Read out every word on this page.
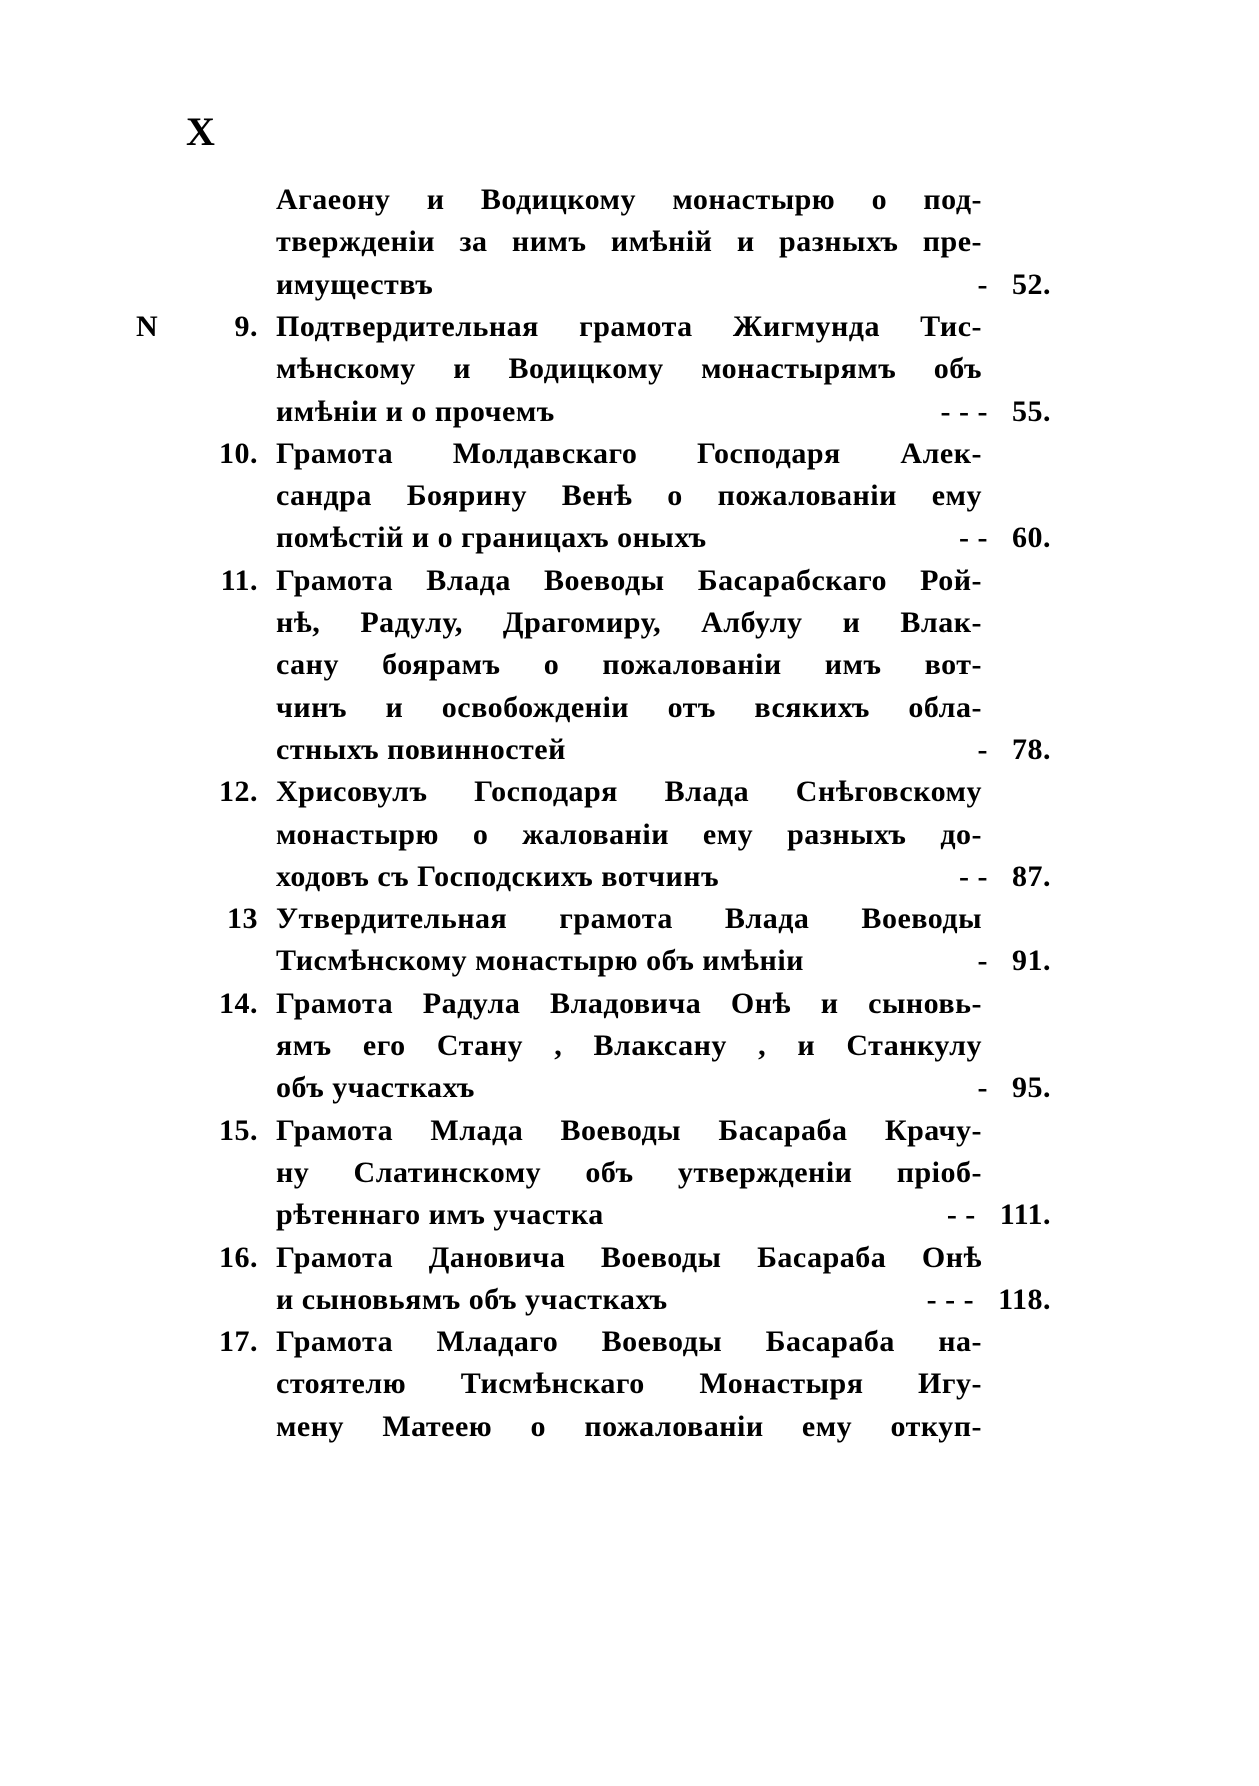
X
Агаеону и Водицкому монастырю о под-
твержденіи за нимъ имѣній и разныхъ пре-
имуществъ	- 52.
N	9. Подтвердительная грамота Жигмунда Тис-
мѣнскому и Водицкому монастырямъ объ
имѣніи и о прочемъ	- - - 55.
10. Грамота Молдавскаго Господаря Алек-
сандра Боярину Венѣ о пожалованіи ему
помѣстій и о границахъ оныхъ	- - 60.
11. Грамота Влада Воеводы Басарабскаго Рой-
нѣ, Радулу, Драгомиру, Албулу и Влак-
сану боярамъ о пожалованіи имъ вот-
чинъ и освобожденіи отъ всякихъ обла-
стныхъ повинностей	- 78.
12. Хрисовулъ Господаря Влада Снѣговскому
монастырю о жалованіи ему разныхъ до-
ходовъ съ Господскихъ вотчинъ	- - 87.
13 Утвердительная грамота Влада Воеводы
Тисмѣнскому монастырю объ имѣніи	- 91.
14. Грамота Радула Владовича Онѣ и сыновь-
ямъ его Стану , Влаксану , и Станкулу
объ участкахъ	- 95.
15. Грамота Млада Воеводы Басараба Крачу-
ну Слатинскому объ утвержденіи пріоб-
рѣтеннаго имъ участка	- - 111.
16. Грамота Дановича Воеводы Басараба Онѣ
и сыновьямъ объ участкахъ	- - - 118.
17. Грамота Младаго Воеводы Басараба на-
стоятелю Тисмѣнскаго Монастыря Игу-
мену Матеею о пожалованіи ему откуп-
